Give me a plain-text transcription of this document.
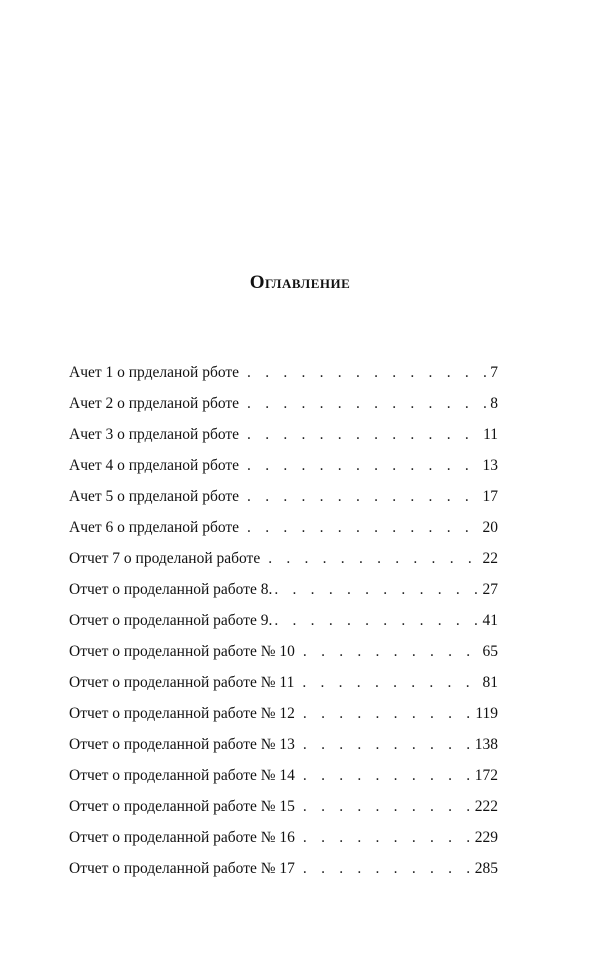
Оглавление
Ачет 1 о прделаной рботе . . .	7
Ачет 2 о прделаной рботе . . .	8
Ачет 3 о прделаной рботе . . .	11
Ачет 4 о прделаной рботе . . .	13
Ачет 5 о прделаной рботе . . .	17
Ачет 6 о прделаной рботе . . .	20
Отчет 7 о проделаной работе . . .	22
Отчет о проделанной работе 8. . . .	27
Отчет о проделанной работе 9. . . .	41
Отчет о проделанной работе № 10 . . .	65
Отчет о проделанной работе № 11 . . .	81
Отчет о проделанной работе № 12 . . .	119
Отчет о проделанной работе № 13 . . .	138
Отчет о проделанной работе № 14 . . .	172
Отчет о проделанной работе № 15 . . .	222
Отчет о проделанной работе № 16 . . .	229
Отчет о проделанной работе № 17 . . .	285
